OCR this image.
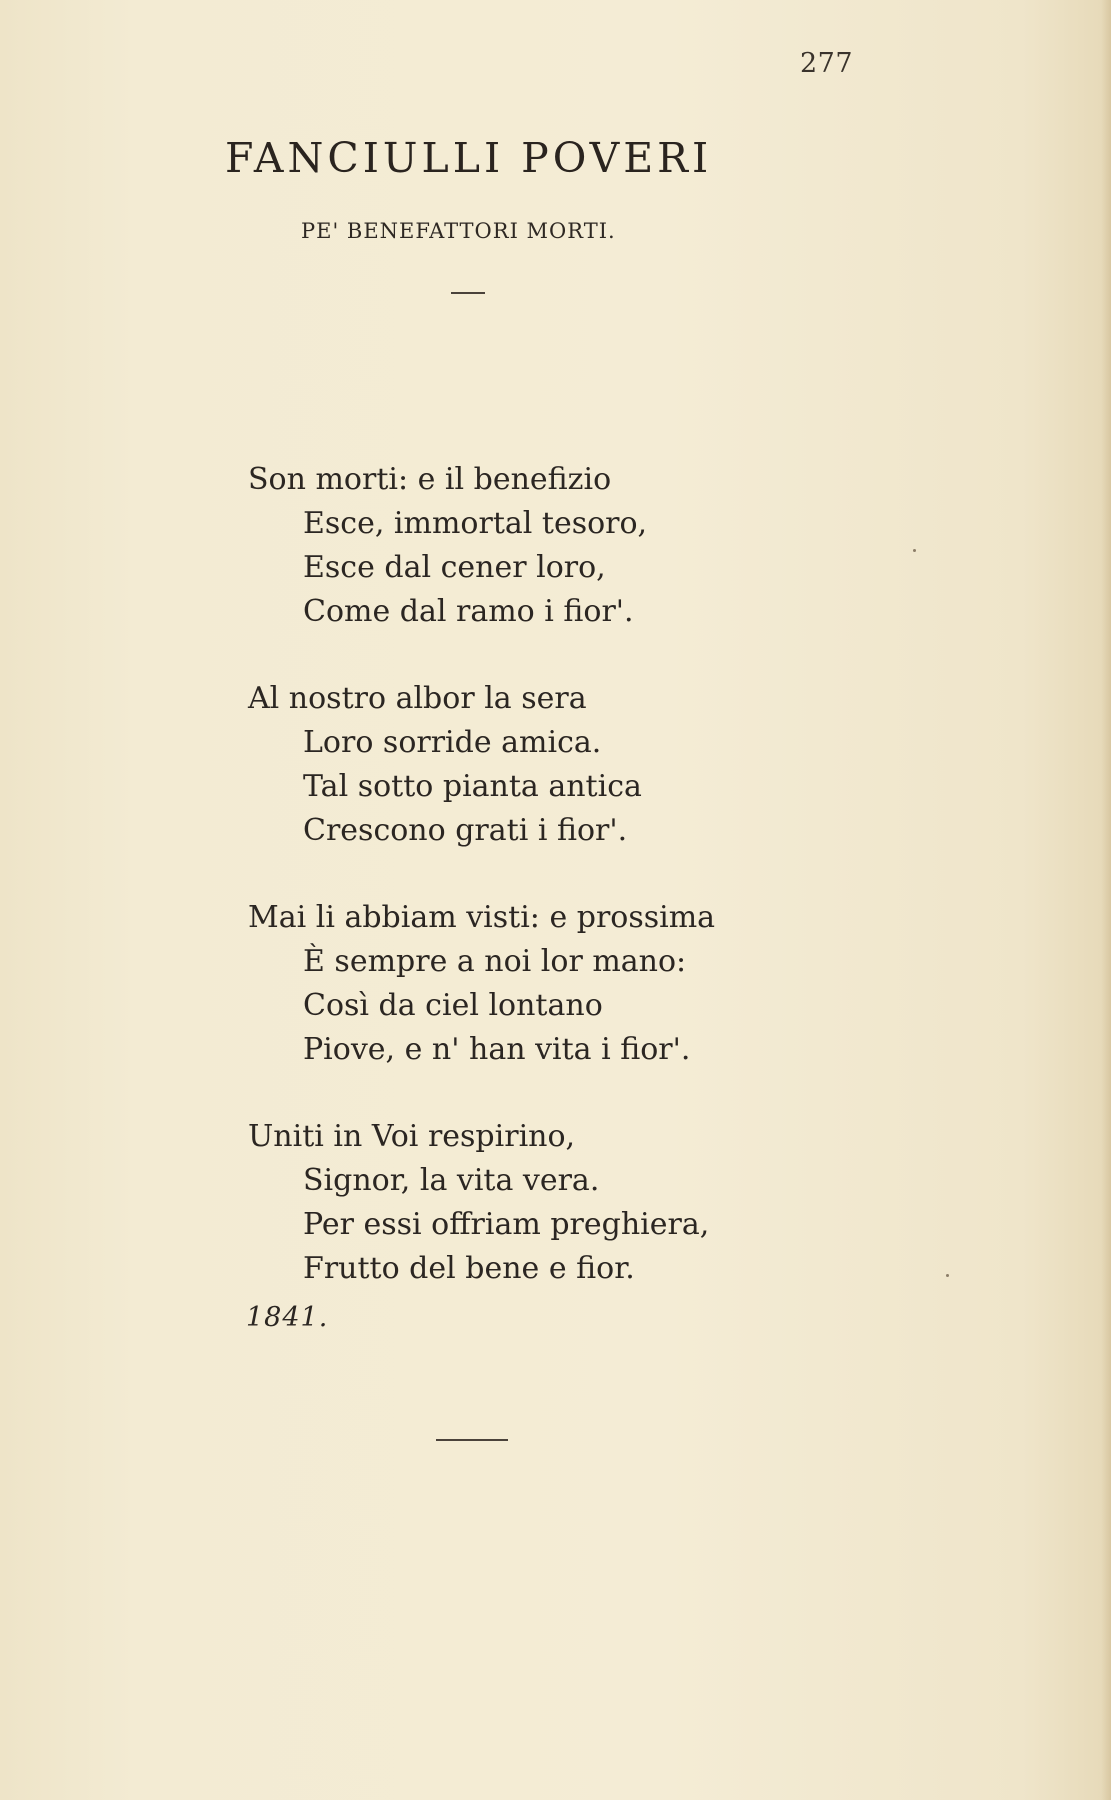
277
FANCIULLI POVERI
PE' BENEFATTORI MORTI.
Son morti: e il benefizio
Esce, immortal tesoro,
Esce dal cener loro,
Come dal ramo i fior'.
Al nostro albor la sera
Loro sorride amica.
Tal sotto pianta antica
Crescono grati i fior'.
Mai li abbiam visti: e prossima
È sempre a noi lor mano:
Così da ciel lontano
Piove, e n' han vita i fior'.
Uniti in Voi respirino,
Signor, la vita vera.
Per essi offriam preghiera,
Frutto del bene e fior.
1841.
